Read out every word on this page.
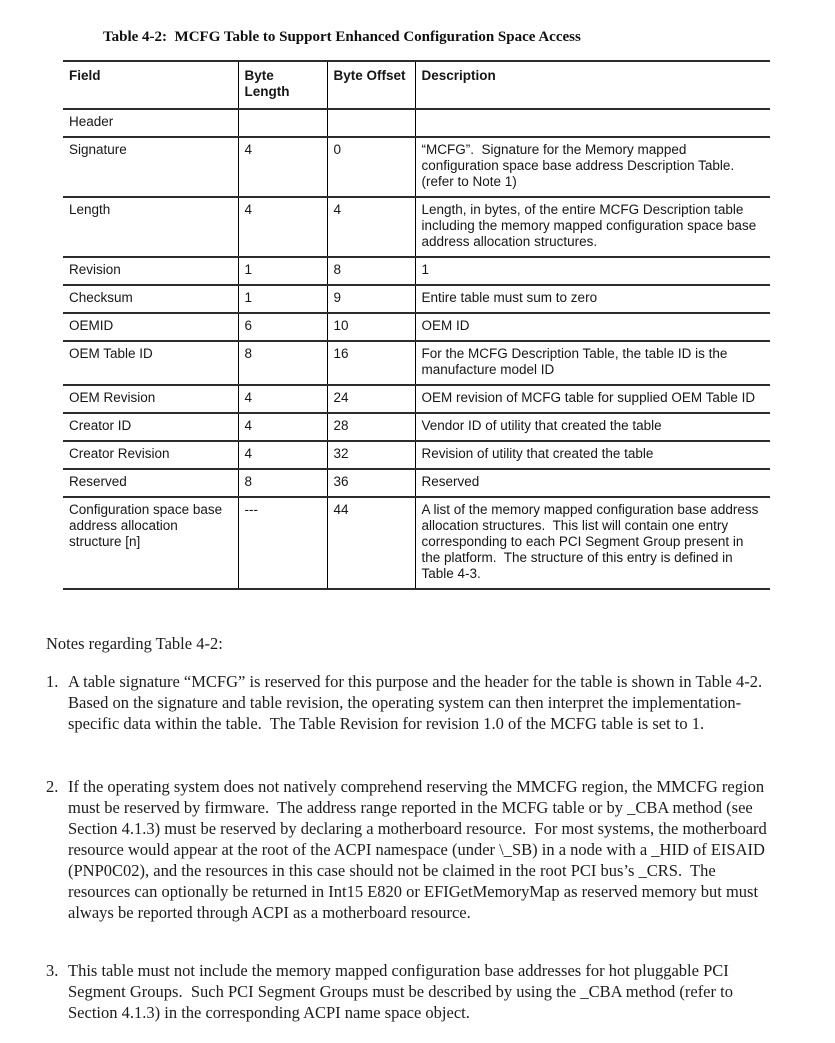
Table 4-2:  MCFG Table to Support Enhanced Configuration Space Access
Field	Byte Length	Byte Offset	Description
Header			
Signature	4	0	“MCFG”.  Signature for the Memory mapped configuration space base address Description Table.  (refer to Note 1)
Length	4	4	Length, in bytes, of the entire MCFG Description table including the memory mapped configuration space base address allocation structures.
Revision	1	8	1
Checksum	1	9	Entire table must sum to zero
OEMID	6	10	OEM ID
OEM Table ID	8	16	For the MCFG Description Table, the table ID is the manufacture model ID
OEM Revision	4	24	OEM revision of MCFG table for supplied OEM Table ID
Creator ID	4	28	Vendor ID of utility that created the table
Creator Revision	4	32	Revision of utility that created the table
Reserved	8	36	Reserved
Configuration space base address allocation structure [n]	---	44	A list of the memory mapped configuration base address allocation structures.  This list will contain one entry corresponding to each PCI Segment Group present in the platform.  The structure of this entry is defined in Table 4-3.
Notes regarding Table 4-2:
1. A table signature “MCFG” is reserved for this purpose and the header for the table is shown in Table 4-2.  Based on the signature and table revision, the operating system can then interpret the implementation-specific data within the table.  The Table Revision for revision 1.0 of the MCFG table is set to 1.
2. If the operating system does not natively comprehend reserving the MMCFG region, the MMCFG region must be reserved by firmware.  The address range reported in the MCFG table or by _CBA method (see Section 4.1.3) must be reserved by declaring a motherboard resource.  For most systems, the motherboard resource would appear at the root of the ACPI namespace (under \_SB) in a node with a _HID of EISAID (PNP0C02), and the resources in this case should not be claimed in the root PCI bus’s _CRS.  The resources can optionally be returned in Int15 E820 or EFIGetMemoryMap as reserved memory but must always be reported through ACPI as a motherboard resource.
3. This table must not include the memory mapped configuration base addresses for hot pluggable PCI Segment Groups.  Such PCI Segment Groups must be described by using the _CBA method (refer to Section 4.1.3) in the corresponding ACPI name space object.
